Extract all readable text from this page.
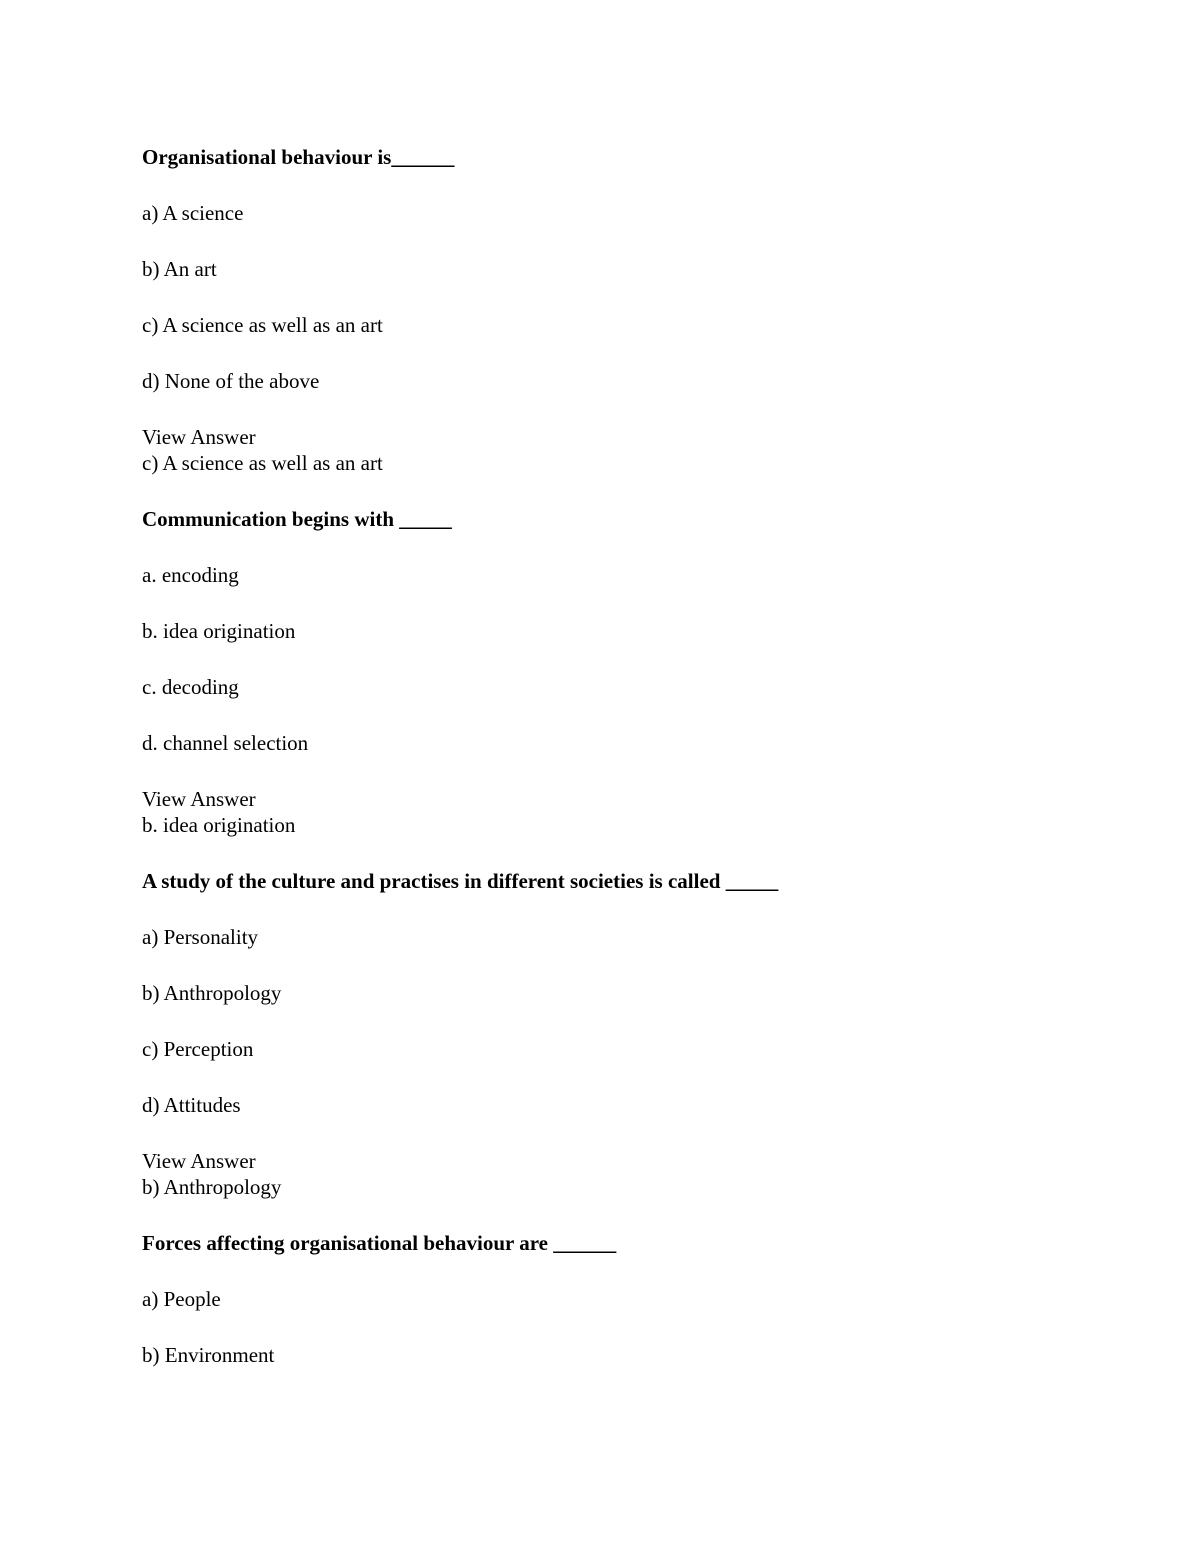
Organisational behaviour is______

a) A science

b) An art

c) A science as well as an art

d) None of the above

View Answer

c) A science as well as an art

Communication begins with _____

a. encoding

b. idea origination

c. decoding

d. channel selection

View Answer

b. idea origination

A study of the culture and practises in different societies is called _____

a) Personality

b) Anthropology

c) Perception

d) Attitudes

View Answer

b) Anthropology

Forces affecting organisational behaviour are ______

a) People

b) Environment
